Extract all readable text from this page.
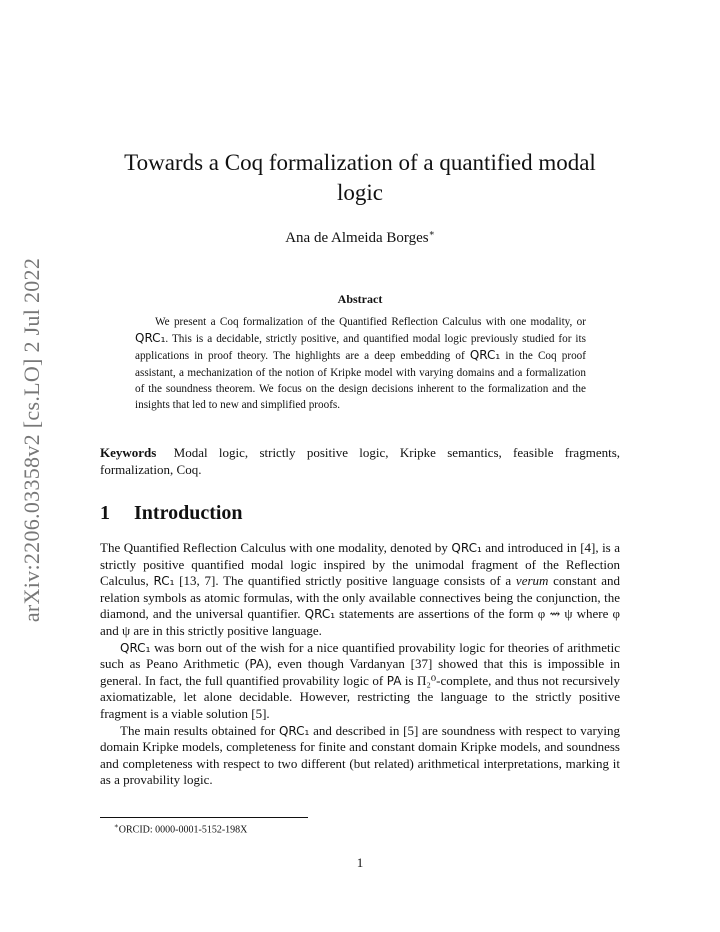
arXiv:2206.03358v2 [cs.LO] 2 Jul 2022
Towards a Coq formalization of a quantified modal
logic
Ana de Almeida Borges∗
Abstract
We present a Coq formalization of the Quantified Reflection Calculus with one modality, or QRC₁. This is a decidable, strictly positive, and quantified modal logic previously studied for its applications in proof theory. The highlights are a deep embedding of QRC₁ in the Coq proof assistant, a mechanization of the notion of Kripke model with varying domains and a formalization of the soundness theorem. We focus on the design decisions inherent to the formalization and the insights that led to new and simplified proofs.
Keywords Modal logic, strictly positive logic, Kripke semantics, feasible fragments, formalization, Coq.
1 Introduction

The Quantified Reflection Calculus with one modality, denoted by QRC₁ and introduced in [4], is a strictly positive quantified modal logic inspired by the unimodal fragment of the Reflection Calculus, RC₁ [13, 7]. The quantified strictly positive language consists of a verum constant and relation symbols as atomic formulas, with the only available connectives being the conjunction, the diamond, and the universal quantifier. QRC₁ statements are assertions of the form φ ⇝ ψ where φ and ψ are in this strictly positive language.

QRC₁ was born out of the wish for a nice quantified provability logic for theories of arithmetic such as Peano Arithmetic (PA), even though Vardanyan [37] showed that this is impossible in general. In fact, the full quantified provability logic of PA is Π₂⁰-complete, and thus not recursively axiomatizable, let alone decidable. However, restricting the language to the strictly positive fragment is a viable solution [5].

The main results obtained for QRC₁ and described in [5] are soundness with respect to varying domain Kripke models, completeness for finite and constant domain Kripke models, and soundness and completeness with respect to two different (but related) arithmetical interpretations, marking it as a provability logic.

∗ORCID: 0000-0001-5152-198X
1
